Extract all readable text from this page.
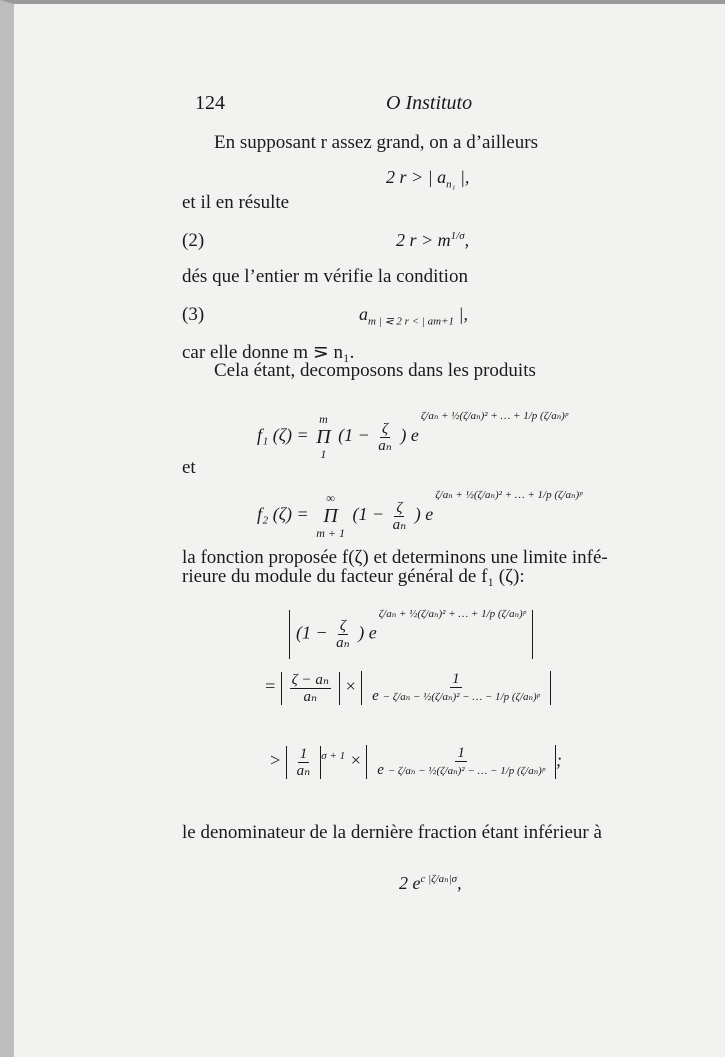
124	O Instituto
En supposant r assez grand, on a d’ailleurs
2 r > | $a_{n_1}$ |,
et il en résulte
(2)	2 $r > m^{1/\sigma}$,
dés que l’entier m vérifie la condition
(3)	$a_{m | ⋜ 2 r < | am+1}$ |,
car elle donne m ⋝ n₁.
Cela étant, decomposons dans les produits
f₁ (ζ) =
m
Π
1
($1 - \frac{\zeta}{\text{aₙ}}$ ) $e^{\zeta/a_n + \frac{1}{2}(\zeta/a_n)^2 + \dots + 1/p (\zeta/a_n)ᵖ}$
et
f₂ (ζ) =
∞
Π
m + 1
($1 - \frac{\zeta}{\text{aₙ}}$ ) $e^{\zeta/a_n + \frac{1}{2}(\zeta/a_n)^2 + \dots + 1/p (\zeta/a_n)ᵖ}$
la fonction proposée f(ζ) et determinons une limite infé-
rieure du module du facteur général de f₁ (ζ):
($1 - \frac{\zeta}{\text{aₙ}}$ ) $e^{\zeta/a_n + \frac{1}{2}(\zeta/a_n)^2 + \dots + 1/p (\zeta/a_n)ᵖ}$
= $\frac{\text{ζ − aₙ}}{\text{aₙ}} \times \frac{1}{\text{e − ζ/aₙ − ½(ζ/aₙ)² − … − 1/p (ζ/aₙ)ᵖ}}$
> $\frac{1}{\text{aₙ}} ^{\sigma + 1} \times \frac{1}{\text{e − ζ/aₙ − ½(ζ/aₙ)² − … − 1/p (ζ/aₙ)ᵖ}}$ ;
le denominateur de la dernière fraction étant inférieur à
2 $e^{c |\zeta/a_n|\sigma}$,
